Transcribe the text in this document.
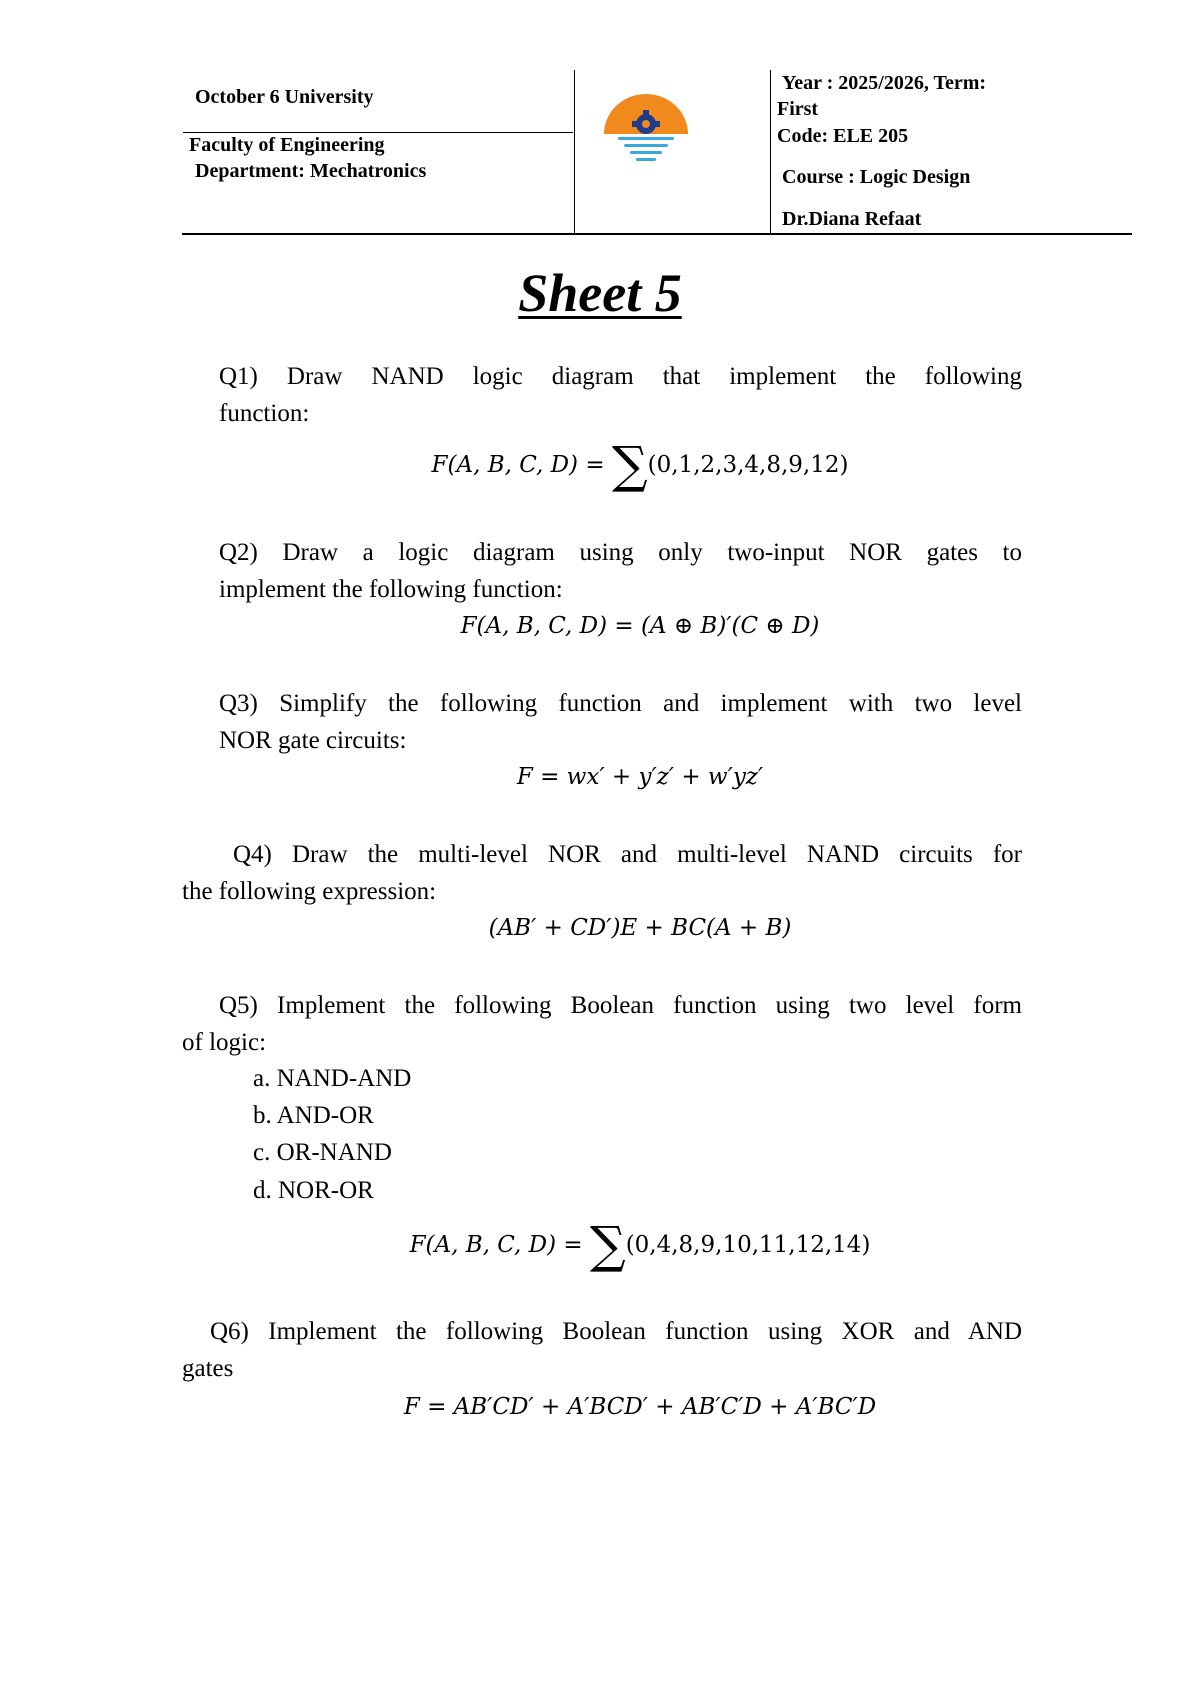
October 6 University
Faculty of Engineering
Department: Mechatronics
Year : 2025/2026, Term:
First
Code: ELE 205
Course : Logic Design
Dr.Diana Refaat
Sheet 5
Q1) Draw NAND logic diagram that implement the following
function:
F(A, B, C, D) = ∑(0,1,2,3,4,8,9,12)
Q2) Draw a logic diagram using only two-input NOR gates to
implement the following function:
F(A, B, C, D) = (A ⊕ B)′(C ⊕ D)
Q3) Simplify the following function and implement with two level
NOR gate circuits:
F = wx′ + y′z′ + w′yz′
Q4) Draw the multi-level NOR and multi-level NAND circuits for
the following expression:
(AB′ + CD′)E + BC(A + B)
Q5) Implement the following Boolean function using two level form
of logic:
a. NAND-AND
b. AND-OR
c. OR-NAND
d. NOR-OR
F(A, B, C, D) = ∑(0,4,8,9,10,11,12,14)
Q6) Implement the following Boolean function using XOR and AND
gates
F = AB′CD′ + A′BCD′ + AB′C′D + A′BC′D
